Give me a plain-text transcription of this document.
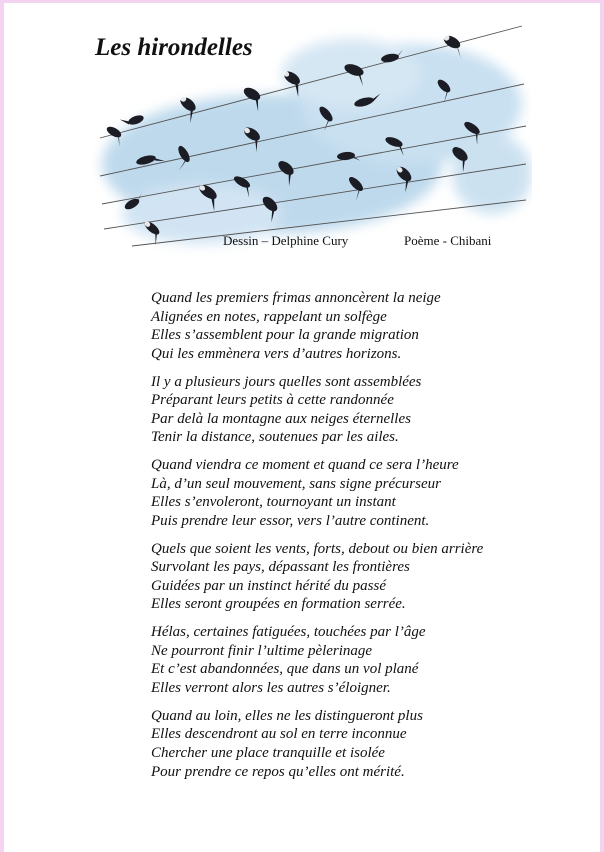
Les hirondelles
Dessin – Delphine Cury	Poème - Chibani

Quand les premiers frimas annoncèrent la neige
Alignées en notes, rappelant un solfège
Elles s’assemblent pour la grande migration
Qui les emmènera vers d’autres horizons.

Il y a plusieurs jours quelles sont assemblées
Préparant leurs petits à cette randonnée
Par delà la montagne aux neiges éternelles
Tenir la distance, soutenues par les ailes.

Quand viendra ce moment et quand ce sera l’heure
Là, d’un seul mouvement, sans signe précurseur
Elles s’envoleront, tournoyant un instant
Puis prendre leur essor, vers l’autre continent.

Quels que soient les vents, forts, debout ou bien arrière
Survolant les pays, dépassant les frontières
Guidées par un instinct hérité du passé
Elles seront groupées en formation serrée.

Hélas, certaines fatiguées, touchées par l’âge
Ne pourront finir l’ultime pèlerinage
Et c’est abandonnées, que dans un vol plané
Elles verront alors les autres s’éloigner.

Quand au loin, elles ne les distingueront plus
Elles descendront au sol en terre inconnue
Chercher une place tranquille et isolée
Pour prendre ce repos qu’elles ont mérité.
